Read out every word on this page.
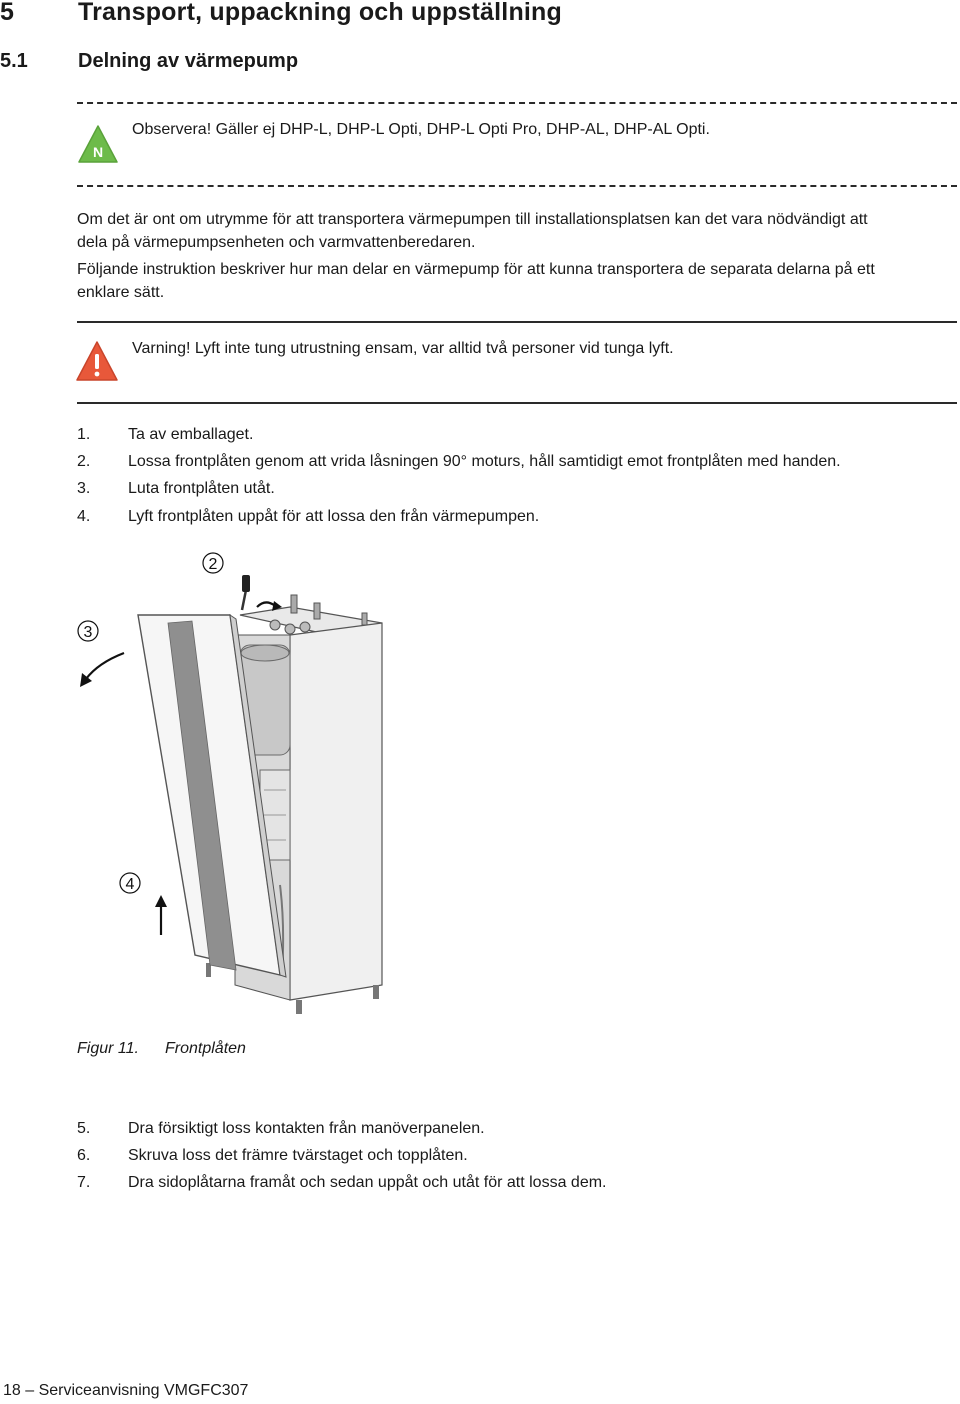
5	Transport, uppackning och uppställning
5.1	Delning av värmepump
N
Observera! Gäller ej DHP-L, DHP-L Opti, DHP-L Opti Pro, DHP-AL, DHP-AL Opti.
Om det är ont om utrymme för att transportera värmepumpen till installationsplatsen kan det vara nödvändigt att
dela på värmepumpsenheten och varmvattenberedaren.
Följande instruktion beskriver hur man delar en värmepump för att kunna transportera de separata delarna på ett
enklare sätt.
Varning! Lyft inte tung utrustning ensam, var alltid två personer vid tunga lyft.
1. Ta av emballaget.
2. Lossa frontplåten genom att vrida låsningen 90° moturs, håll samtidigt emot frontplåten med handen.
3. Luta frontplåten utåt.
4. Lyft frontplåten uppåt för att lossa den från värmepumpen.
2
3
4
Figur 11. Frontplåten
5. Dra försiktigt loss kontakten från manöverpanelen.
6. Skruva loss det främre tvärstaget och topplåten.
7. Dra sidoplåtarna framåt och sedan uppåt och utåt för att lossa dem.
18 – Serviceanvisning VMGFC307
